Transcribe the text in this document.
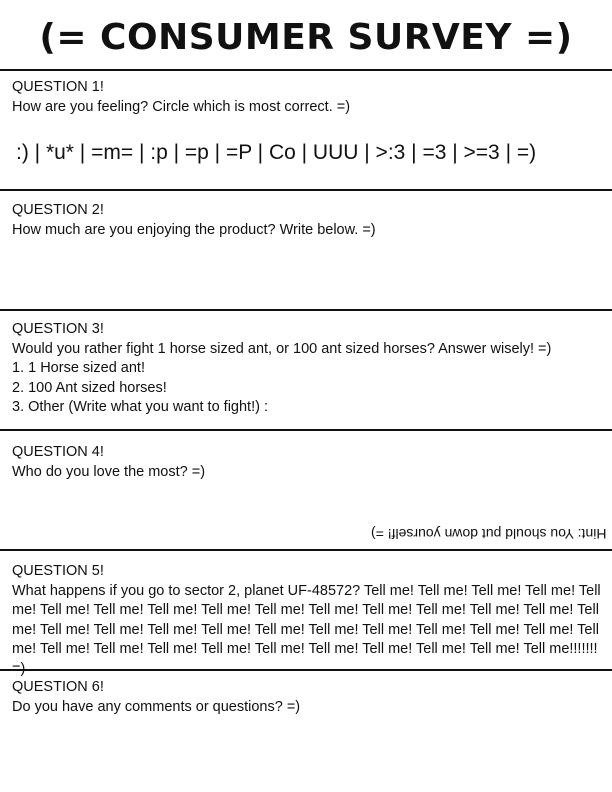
(= CONSUMER SURVEY =)
QUESTION 1!
How are you feeling? Circle which is most correct. =)
:) | *u* | =m= | :p | =p | =P | Co | UUU | >:3 | =3 | >=3 | =)
QUESTION 2!
How much are you enjoying the product? Write below. =)
QUESTION 3!
Would you rather fight 1 horse sized ant, or 100 ant sized horses? Answer wisely! =)
1. 1 Horse sized ant!
2. 100 Ant sized horses!
3. Other (Write what you want to fight!) :
QUESTION 4!
Who do you love the most? =)
Hint: You should put down yourself! =)
QUESTION 5!
What happens if you go to sector 2, planet UF-48572? Tell me! Tell me! Tell me! Tell me! Tell me! Tell me! Tell me! Tell me! Tell me! Tell me! Tell me! Tell me! Tell me! Tell me! Tell me! Tell me! Tell me! Tell me! Tell me! Tell me! Tell me! Tell me! Tell me! Tell me! Tell me! Tell me! Tell me! Tell me! Tell me! Tell me! Tell me! Tell me! Tell me! Tell me! Tell me! Tell me! Tell me!!!!!!! =)
QUESTION 6!
Do you have any comments or questions? =)
